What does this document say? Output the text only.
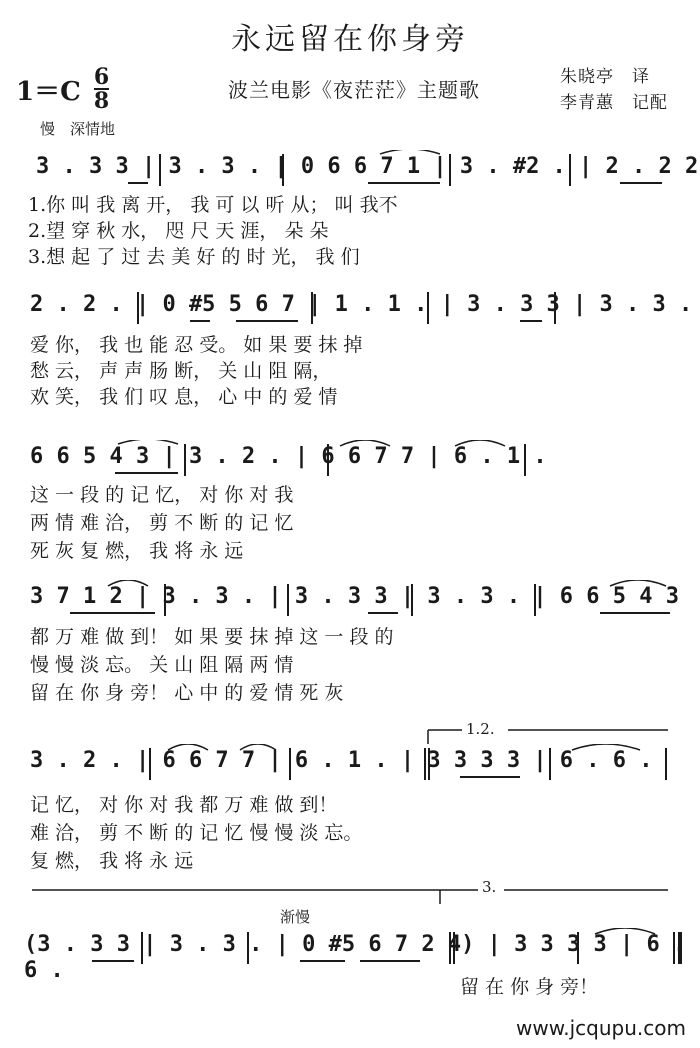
永远留在你身旁
$1=C \frac{6}{8}$	波兰电影《夜茫茫》主题歌
朱晓亭　译
李青蕙　记配
慢　深情地
3 . 3 3 | 3 . 3 . | 0 6 6 7 1 | 3 . #2 . | 2 . 2 2
1.你 叫 我 离 开， 我 可 以 听 从； 叫 我不
2.望 穿 秋 水， 咫 尺 天 涯， 朵 朵
3.想 起 了 过 去 美 好 的 时 光， 我 们
2 . 2 . | 0 #5 5 6 7 | 1 . 1 . | 3 . 3 3 | 3 . 3 .
爱 你， 我 也 能 忍 受。 如 果 要 抹 掉
愁 云， 声 声 肠 断， 关 山 阻 隔，
欢 笑， 我 们 叹 息， 心 中 的 爱 情
6 6 5 4 3 | 3 . 2 . | 6 6 7 7 | 6 . 1 .
这 一 段 的 记 忆， 对 你 对 我
两 情 难 洽， 剪 不 断 的 记 忆
死 灰 复 燃， 我 将 永 远
3 7 1 2 | 3 . 3 . | 3 . 3 3 | 3 . 3 . | 6 6 5 4 3
都 万 难 做 到！ 如 果 要 抹 掉 这 一 段 的
慢 慢 淡 忘。 关 山 阻 隔 两 情
留 在 你 身 旁！ 心 中 的 爱 情 死 灰
1.2.
3 . 2 . | 6 6 7 7 | 6 . 1 . | 3 3 3 3 | 6 . 6 .
记 忆， 对 你 对 我 都 万 难 做 到！
难 洽， 剪 不 断 的 记 忆 慢 慢 淡 忘。
复 燃， 我 将 永 远
3.
渐慢
(3 . 3 3 | 3 . 3 . | 0 #5 6 7 2 4) | 3 3 3 3 | 6 . 6 .
留 在 你 身 旁！
www.jcqupu.com
